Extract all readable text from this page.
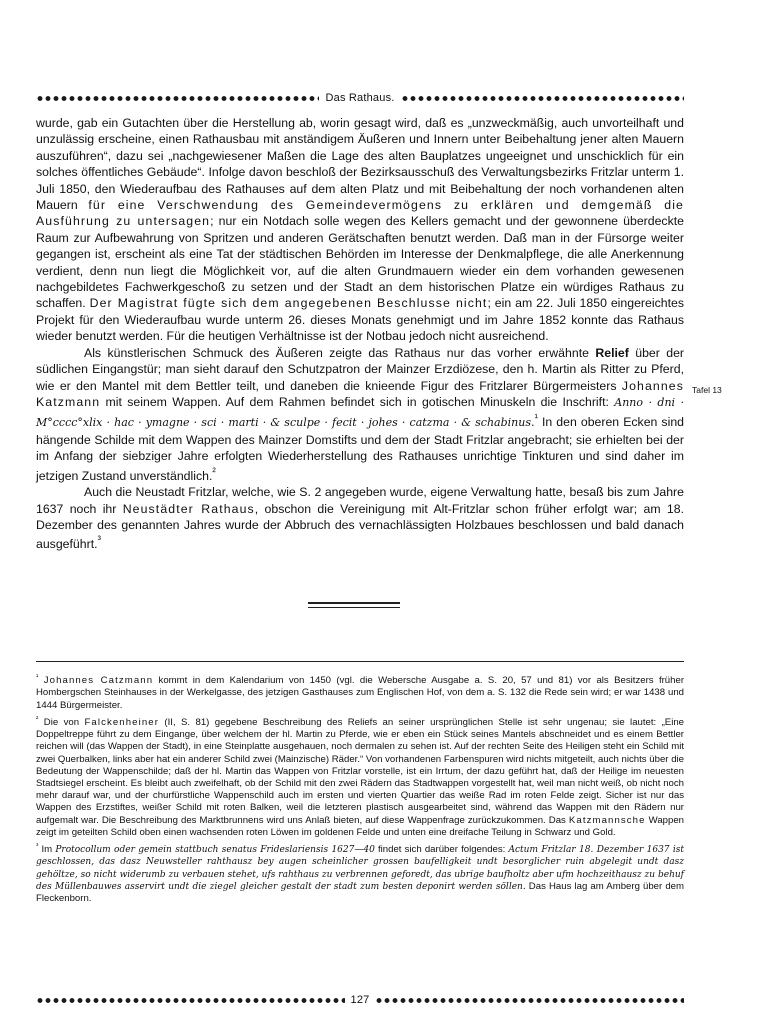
Das Rathaus.

wurde, gab ein Gutachten über die Herstellung ab, worin gesagt wird, daß es „unzweckmäßig, auch unvorteilhaft und unzulässig erscheine, einen Rathausbau mit anständigem Äußeren und Innern unter Beibehaltung jener alten Mauern auszuführen“, dazu sei „nachgewiesener Maßen die Lage des alten Bauplatzes ungeeignet und unschicklich für ein solches öffentliches Gebäude“. Infolge davon beschloß der Bezirksausschuß des Verwaltungsbezirks Fritzlar unterm 1. Juli 1850, den Wiederaufbau des Rathauses auf dem alten Platz und mit Beibehaltung der noch vorhandenen alten Mauern für eine Verschwendung des Gemeindevermögens zu erklären und demgemäß die Ausführung zu untersagen; nur ein Notdach solle wegen des Kellers gemacht und der gewonnene überdeckte Raum zur Aufbewahrung von Spritzen und anderen Gerätschaften benutzt werden. Daß man in der Fürsorge weiter gegangen ist, erscheint als eine Tat der städtischen Behörden im Interesse der Denkmalpflege, die alle Anerkennung verdient, denn nun liegt die Möglichkeit vor, auf die alten Grundmauern wieder ein dem vorhanden gewesenen nachgebildetes Fachwerkgeschoß zu setzen und der Stadt an dem historischen Platze ein würdiges Rathaus zu schaffen. Der Magistrat fügte sich dem angegebenen Beschlusse nicht; ein am 22. Juli 1850 eingereichtes Projekt für den Wiederaufbau wurde unterm 26. dieses Monats genehmigt und im Jahre 1852 konnte das Rathaus wieder benutzt werden. Für die heutigen Verhältnisse ist der Notbau jedoch nicht ausreichend.

Als künstlerischen Schmuck des Äußeren zeigte das Rathaus nur das vorher erwähnte Relief über der südlichen Eingangstür; man sieht darauf den Schutzpatron der Mainzer Erzdiözese, den h. Martin als Ritter zu Pferd, wie er den Mantel mit dem Bettler teilt, und daneben die knieende Figur des Fritzlarer Bürgermeisters Johannes Katzmann mit seinem Wappen. Auf dem Rahmen befindet sich in gotischen Minuskeln die Inschrift: Anno · dni · M°cccc°xlix · hac · ymagne · sci · marti · & sculpe · fecit · johes · catzma · & schabinus.$^{^1}$ In den oberen Ecken sind hängende Schilde mit dem Wappen des Mainzer Domstifts und dem der Stadt Fritzlar angebracht; sie erhielten bei der im Anfang der siebziger Jahre erfolgten Wiederherstellung des Rathauses unrichtige Tinkturen und sind daher im jetzigen Zustand unverständlich.$^{^2}$

Auch die Neustadt Fritzlar, welche, wie S. 2 angegeben wurde, eigene Verwaltung hatte, besaß bis zum Jahre 1637 noch ihr Neustädter Rathaus, obschon die Vereinigung mit Alt-Fritzlar schon früher erfolgt war; am 18. Dezember des genannten Jahres wurde der Abbruch des vernachlässigten Holzbaues beschlossen und bald danach ausgeführt.$^{^3}$

Tafel 13

$^{^1}$ Johannes Catzmann kommt in dem Kalendarium von 1450 (vgl. die Webersche Ausgabe a. S. 20, 57 und 81) vor als Besitzers früher Hombergschen Steinhauses in der Werkelgasse, des jetzigen Gasthauses zum Englischen Hof, von dem a. S. 132 die Rede sein wird; er war 1438 und 1444 Bürgermeister.

$^{^2}$ Die von Falckenheiner (II, S. 81) gegebene Beschreibung des Reliefs an seiner ursprünglichen Stelle ist sehr ungenau; sie lautet: „Eine Doppeltreppe führt zu dem Eingange, über welchem der hl. Martin zu Pferde, wie er eben ein Stück seines Mantels abschneidet und es einem Bettler reichen will (das Wappen der Stadt), in eine Steinplatte ausgehauen, noch dermalen zu sehen ist. Auf der rechten Seite des Heiligen steht ein Schild mit zwei Querbalken, links aber hat ein anderer Schild zwei (Mainzische) Räder.“ Von vorhandenen Farbenspuren wird nichts mitgeteilt, auch nichts über die Bedeutung der Wappenschilde; daß der hl. Martin das Wappen von Fritzlar vorstelle, ist ein Irrtum, der dazu geführt hat, daß der Heilige im neuesten Stadtsiegel erscheint. Es bleibt auch zweifelhaft, ob der Schild mit den zwei Rädern das Stadtwappen vorgestellt hat, weil man nicht weiß, ob nicht noch mehr darauf war, und der churfürstliche Wappenschild auch im ersten und vierten Quartier das weiße Rad im roten Felde zeigt. Sicher ist nur das Wappen des Erzstiftes, weißer Schild mit roten Balken, weil die letzteren plastisch ausgearbeitet sind, während das Wappen mit den Rädern nur aufgemalt war. Die Beschreibung des Marktbrunnens wird uns Anlaß bieten, auf diese Wappenfrage zurückzukommen. Das Katzmannsche Wappen zeigt im geteilten Schild oben einen wachsenden roten Löwen im goldenen Felde und unten eine dreifache Teilung in Schwarz und Gold.

$^{^3}$ Im Protocollum oder gemein stattbuch senatus Frideslariensis 1627—40 findet sich darüber folgendes: Actum Fritzlar 18. Dezember 1637 ist geschlossen, das dasz Neuwsteller rahthausz bey augen scheinlicher grossen baufelligkeit undt besorglicher ruin abgelegit undt dasz gehöltze, so nicht widerumb zu verbauen stehet, ufs rahthaus zu verbrennen geforedt, das ubrige baufholtz aber ufm hochzeithausz zu behuf des Müllenbauwes asservirt undt die ziegel gleicher gestalt der stadt zum besten deponirt werden söllen. Das Haus lag am Amberg über dem Fleckenborn.

127
